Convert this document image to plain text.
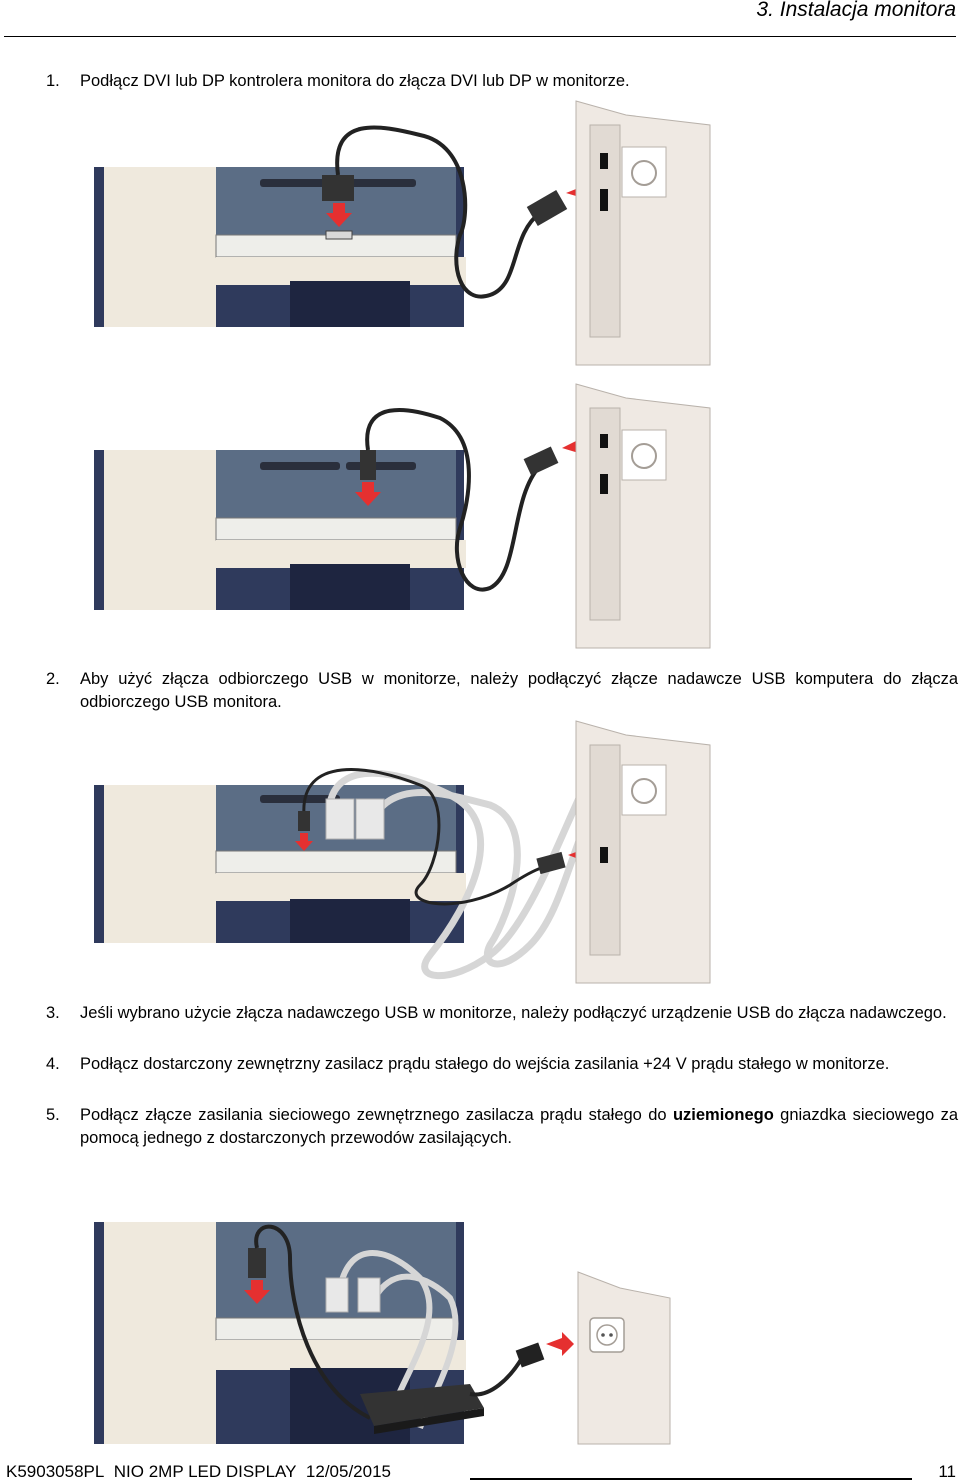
3. Instalacja monitora
1. Podłącz DVI lub DP kontrolera monitora do złącza DVI lub DP w monitorze.
2. Aby użyć złącza odbiorczego USB w monitorze, należy podłączyć złącze nadawcze USB komputera do złącza odbiorczego USB monitora.
3. Jeśli wybrano użycie złącza nadawczego USB w monitorze, należy podłączyć urządzenie USB do złącza nadawczego.
4. Podłącz dostarczony zewnętrzny zasilacz prądu stałego do wejścia zasilania +24 V prądu stałego w monitorze.
5. Podłącz złącze zasilania sieciowego zewnętrznego zasilacza prądu stałego do uziemionego gniazdka sieciowego za pomocą jednego z dostarczonych przewodów zasilających.
K5903058PL NIO 2MP LED DISPLAY 12/05/2015	11
